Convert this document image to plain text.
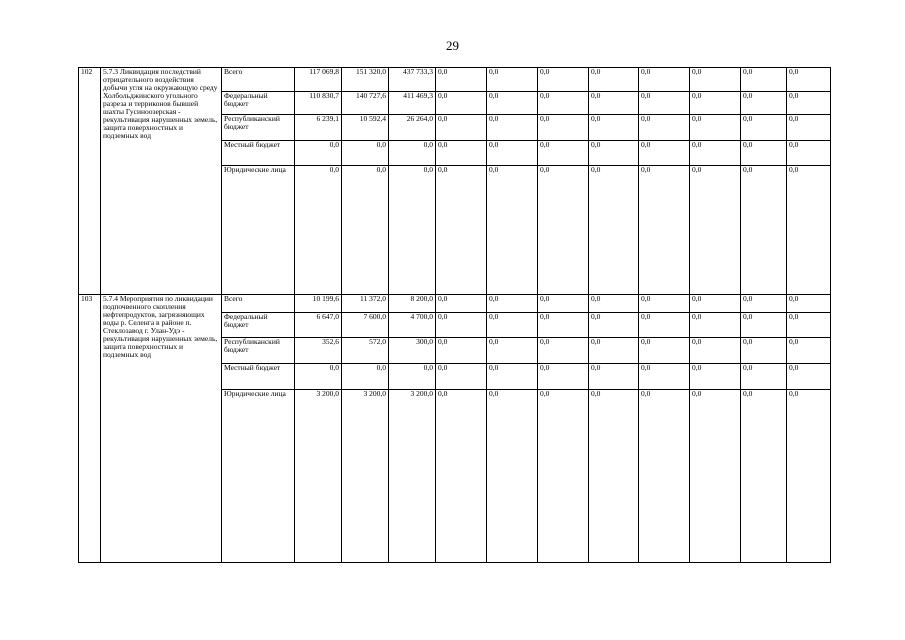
29
102	5.7.3 Ликвидация последствий отрицательного воздействия добычи угля на окружающую среду Холбольджинского угольного разреза и терриконов бывшей шахты Гусиноозерская - рекультивация нарушенных земель, защита поверхностных и подземных вод	Всего	117 069,8	151 320,0	437 733,3	0,0	0,0	0,0	0,0	0,0	0,0	0,0	0,0
		Федеральный бюджет	110 830,7	140 727,6	411 469,3	0,0	0,0	0,0	0,0	0,0	0,0	0,0	0,0
		Республиканский бюджет	6 239,1	10 592,4	26 264,0	0,0	0,0	0,0	0,0	0,0	0,0	0,0	0,0
		Местный бюджет	0,0	0,0	0,0	0,0	0,0	0,0	0,0	0,0	0,0	0,0	0,0
		Юридические лица	0,0	0,0	0,0	0,0	0,0	0,0	0,0	0,0	0,0	0,0	0,0
103	5.7.4 Мероприятия по ликвидации подпочвенного скопления нефтепродуктов, загрязняющих воды р. Селенга в районе п. Стеклозавод г. Улан-Удэ - рекультивация нарушенных земель, защита поверхностных и подземных вод	Всего	10 199,6	11 372,0	8 200,0	0,0	0,0	0,0	0,0	0,0	0,0	0,0	0,0
		Федеральный бюджет	6 647,0	7 600,0	4 700,0	0,0	0,0	0,0	0,0	0,0	0,0	0,0	0,0
		Республиканский бюджет	352,6	572,0	300,0	0,0	0,0	0,0	0,0	0,0	0,0	0,0	0,0
		Местный бюджет	0,0	0,0	0,0	0,0	0,0	0,0	0,0	0,0	0,0	0,0	0,0
		Юридические лица	3 200,0	3 200,0	3 200,0	0,0	0,0	0,0	0,0	0,0	0,0	0,0	0,0
